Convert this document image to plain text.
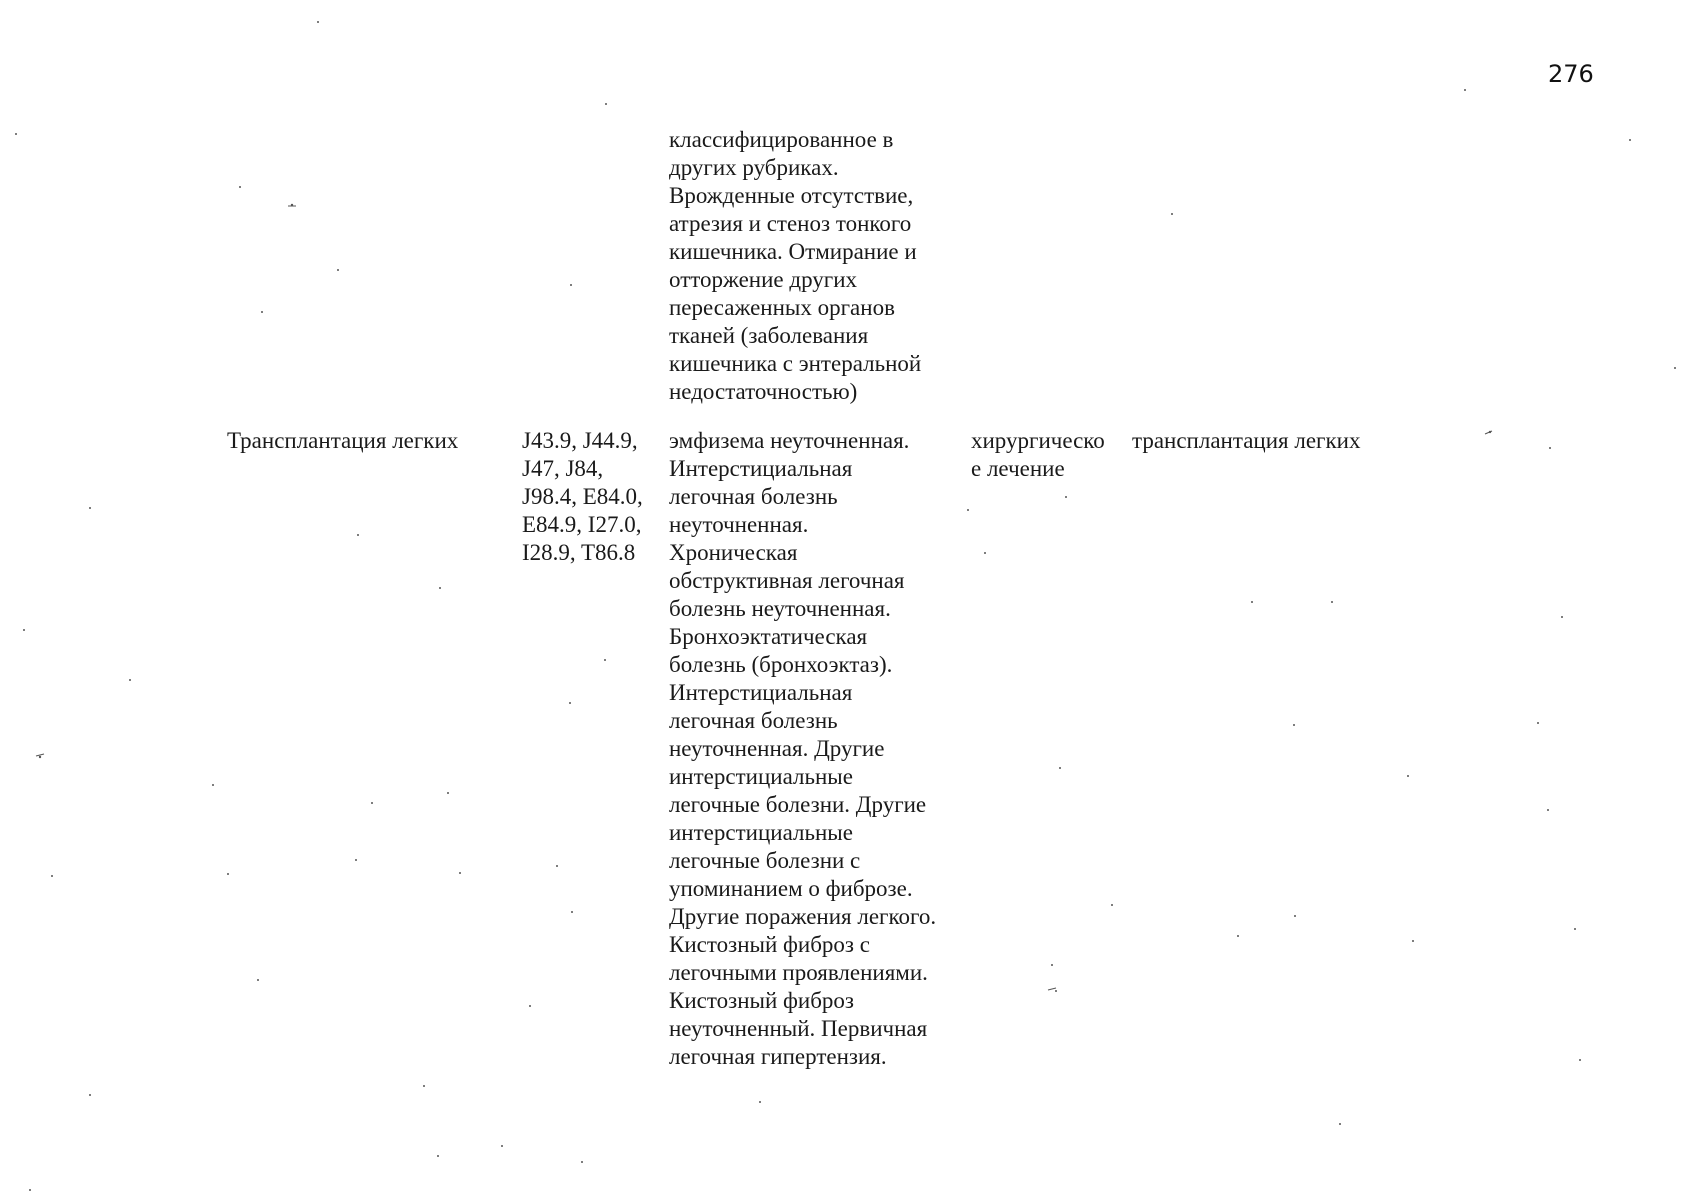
276
классифицированное в
других рубриках.
Врожденные отсутствие,
атрезия и стеноз тонкого
кишечника. Отмирание и
отторжение других
пересаженных органов
тканей (заболевания
кишечника с энтеральной
недостаточностью)
Трансплантация легких	J43.9, J44.9,
J47, J84,
J98.4, E84.0,
E84.9, I27.0,
I28.9, T86.8
эмфизема неуточненная.
Интерстициальная
легочная болезнь
неуточненная.
Хроническая
обструктивная легочная
болезнь неуточненная.
Бронхоэктатическая
болезнь (бронхоэктаз).
Интерстициальная
легочная болезнь
неуточненная. Другие
интерстициальные
легочные болезни. Другие
интерстициальные
легочные болезни с
упоминанием о фиброзе.
Другие поражения легкого.
Кистозный фиброз с
легочными проявлениями.
Кистозный фиброз
неуточненный. Первичная
легочная гипертензия.
хирургическо
е лечение
трансплантация легких
